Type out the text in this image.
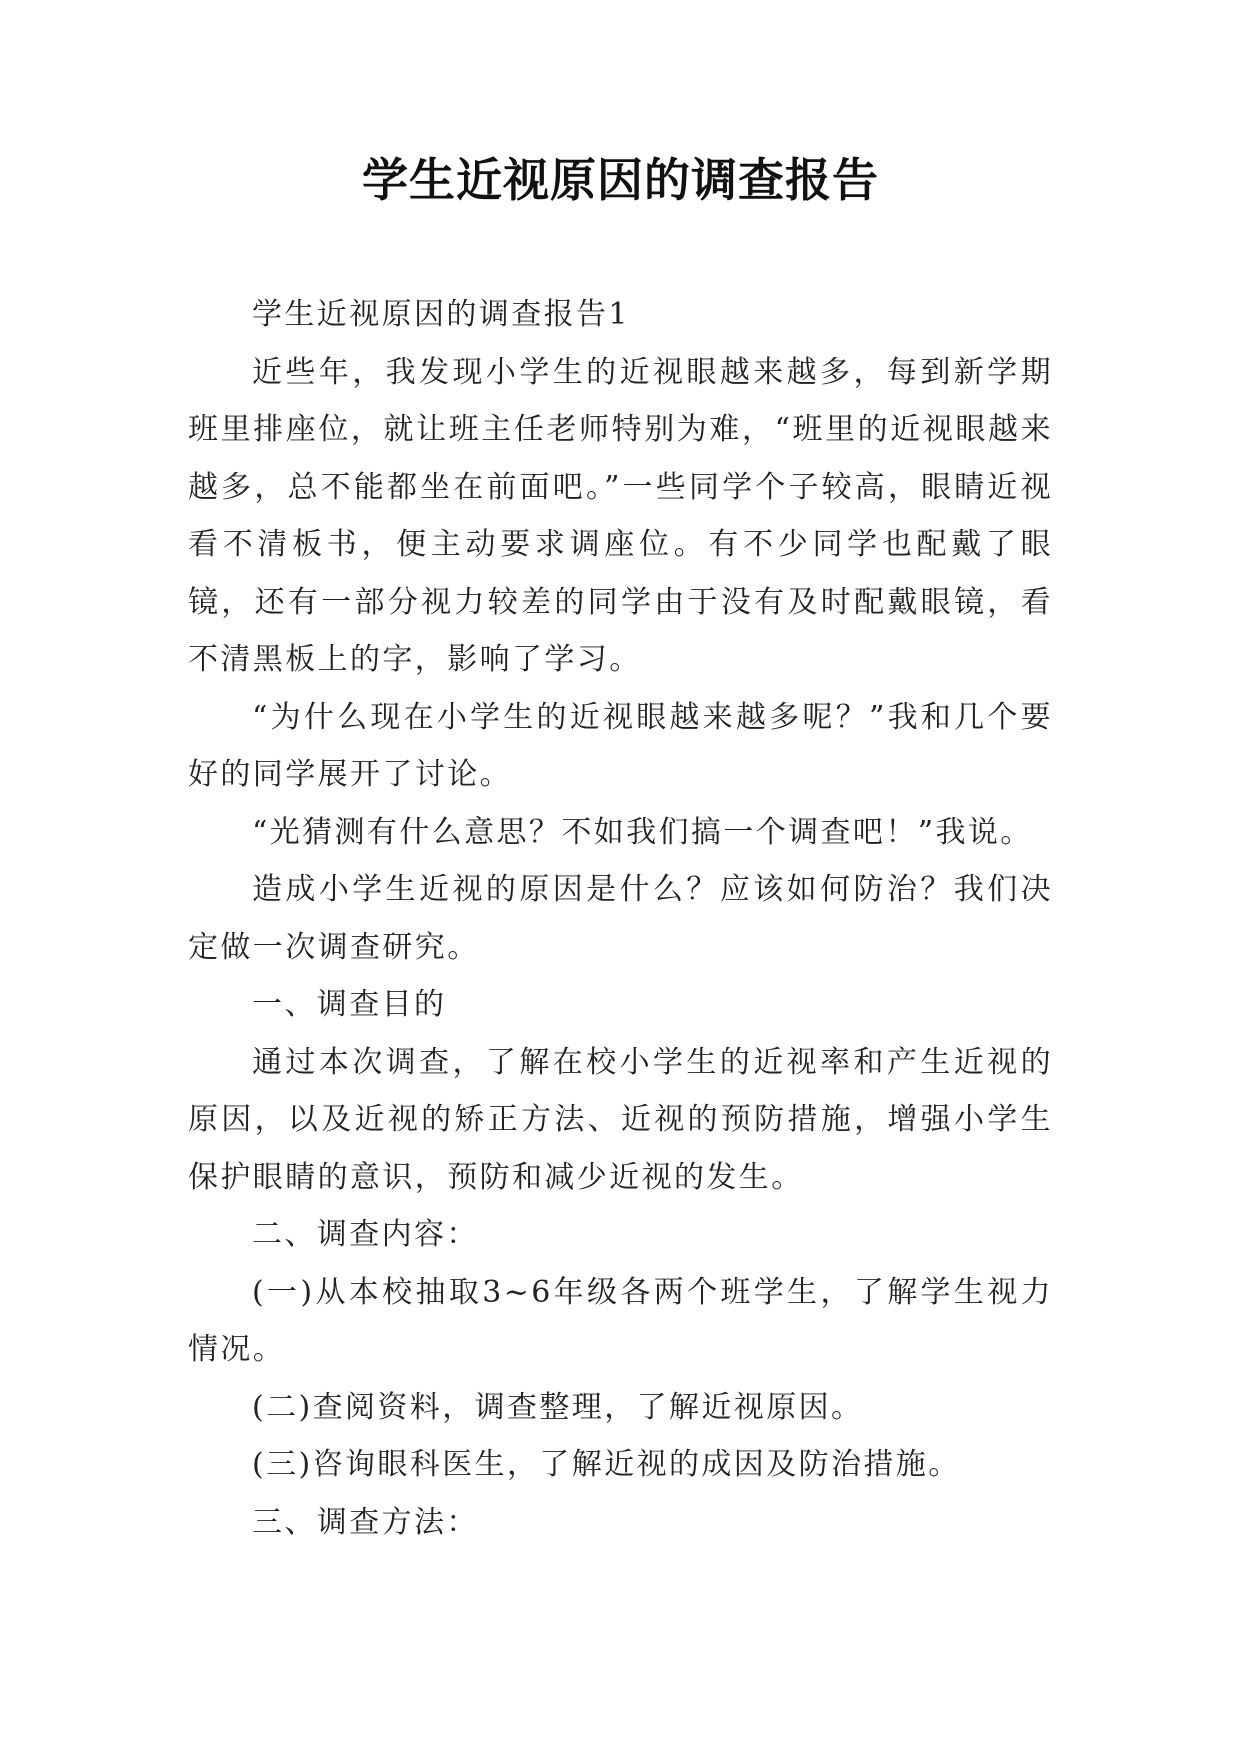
学生近视原因的调查报告

学生近视原因的调查报告1

近些年，我发现小学生的近视眼越来越多，每到新学期班里排座位，就让班主任老师特别为难，“班里的近视眼越来越多，总不能都坐在前面吧。”一些同学个子较高，眼睛近视看不清板书，便主动要求调座位。有不少同学也配戴了眼镜，还有一部分视力较差的同学由于没有及时配戴眼镜，看不清黑板上的字，影响了学习。

“为什么现在小学生的近视眼越来越多呢？”我和几个要好的同学展开了讨论。

“光猜测有什么意思？不如我们搞一个调查吧！”我说。

造成小学生近视的原因是什么？应该如何防治？我们决定做一次调查研究。

一、调查目的

通过本次调查，了解在校小学生的近视率和产生近视的原因，以及近视的矫正方法、近视的预防措施，增强小学生保护眼睛的意识，预防和减少近视的发生。

二、调查内容：

(一)从本校抽取3~6年级各两个班学生，了解学生视力情况。

(二)查阅资料，调查整理，了解近视原因。

(三)咨询眼科医生，了解近视的成因及防治措施。

三、调查方法：
